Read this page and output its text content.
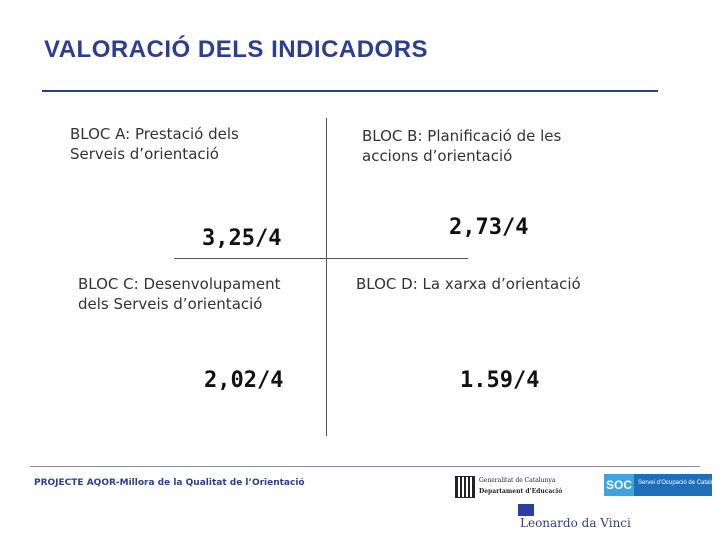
VALORACIÓ DELS INDICADORS
BLOC A: Prestació dels
Serveis d’orientació
3,25/4
BLOC B: Planificació de les
accions d’orientació
2,73/4
BLOC C: Desenvolupament
dels Serveis d’orientació
2,02/4
BLOC D: La xarxa d’orientació
1.59/4
PROJECTE AQOR-Millora de la Qualitat de l’Orientació	Generalitat de Catalunya
Departament d’Educació	SOC	Servei d’Ocupació de Catalunya
Leonardo da Vinci
